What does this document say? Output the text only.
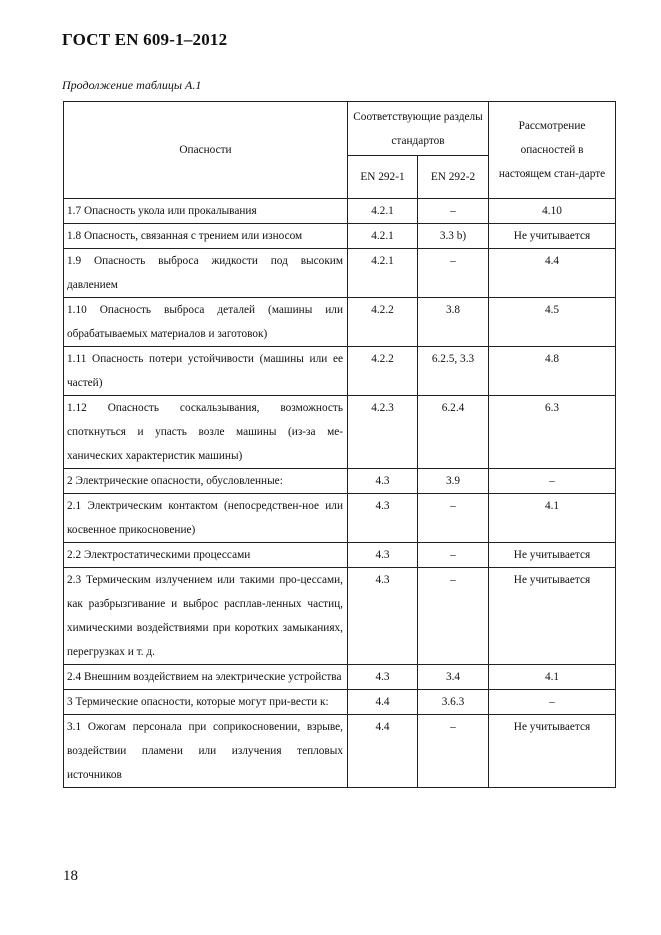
ГОСТ EN 609-1–2012
Продолжение таблицы А.1
Опасности	Соответствующие разделы стандартов		Рассмотрение опасностей в настоящем стан-дарте
	EN 292-1	EN 292-2	
1.7 Опасность укола или прокалывания	4.2.1	–	4.10
1.8 Опасность, связанная с трением или износом	4.2.1	3.3 b)	Не учитывается
1.9 Опасность выброса жидкости под высоким давлением	4.2.1	–	4.4
1.10 Опасность выброса деталей (машины или обрабатываемых материалов и заготовок)	4.2.2	3.8	4.5
1.11 Опасность потери устойчивости (машины или ее частей)	4.2.2	6.2.5, 3.3	4.8
1.12 Опасность соскальзывания, возможность споткнуться и упасть возле машины (из-за ме-ханических характеристик машины)	4.2.3	6.2.4	6.3
2 Электрические опасности, обусловленные:	4.3	3.9	–
2.1 Электрическим контактом (непосредствен-ное или косвенное прикосновение)	4.3	–	4.1
2.2 Электростатическими процессами	4.3	–	Не учитывается
2.3 Термическим излучением или такими про-цессами, как разбрызгивание и выброс расплав-ленных частиц, химическими воздействиями при коротких замыканиях, перегрузках и т. д.	4.3	–	Не учитывается
2.4 Внешним воздействием на электрические устройства	4.3	3.4	4.1
3 Термические опасности, которые могут при-вести к:	4.4	3.6.3	–
3.1 Ожогам персонала при соприкосновении, взрыве, воздействии пламени или излучения тепловых источников	4.4	–	Не учитывается
18
